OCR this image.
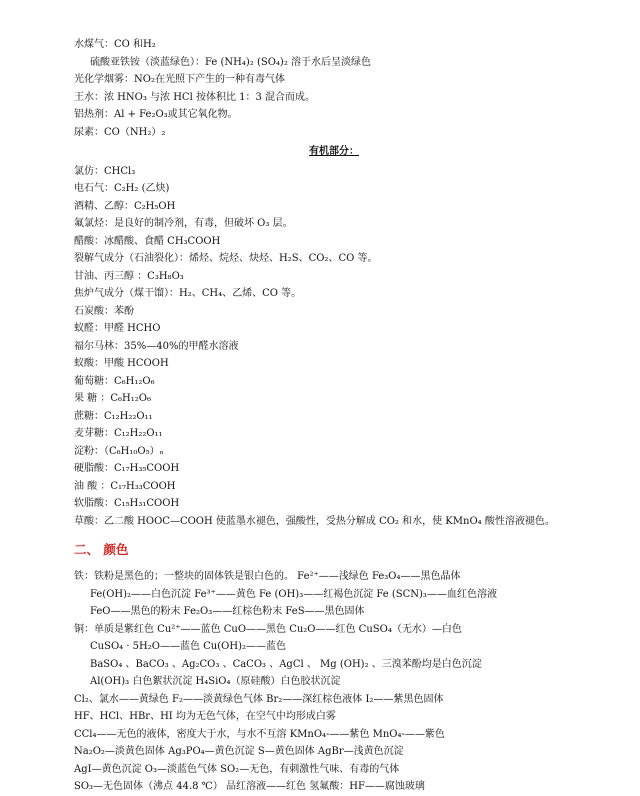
水煤气：CO 和H₂
硫酸亚铁铵（淡蓝绿色）：Fe (NH₄)₂ (SO₄)₂ 溶于水后呈淡绿色
光化学烟雾：NO₂在光照下产生的一种有毒气体
王水：浓 HNO₃ 与浓 HCl 按体积比 1：3 混合而成。
铝热剂：Al + Fe₂O₃或其它氧化物。
尿素：CO（NH₂）₂
有机部分：
氯仿：CHCl₃
电石气：C₂H₂ (乙炔)
酒精、乙醇：C₂H₅OH
氟氯烃：是良好的制冷剂，有毒，但破坏 O₃ 层。
醋酸：冰醋酸、食醋 CH₃COOH
裂解气成分（石油裂化）：烯烃、烷烃、炔烃、H₂S、CO₂、CO 等。
甘油、丙三醇 ：C₃H₈O₃
焦炉气成分（煤干馏）：H₂、CH₄、乙烯、CO 等。
石炭酸：苯酚
蚁醛：甲醛 HCHO
福尔马林：35%—40%的甲醛水溶液
蚁酸：甲酸 HCOOH
葡萄糖：C₆H₁₂O₆
果 糖 ：C₆H₁₂O₆
蔗糖：C₁₂H₂₂O₁₁
麦芽糖：C₁₂H₂₂O₁₁
淀粉：（C₆H₁₀O₅）ₙ
硬脂酸：C₁₇H₃₅COOH
油 酸 ：C₁₇H₃₃COOH
软脂酸：C₁₅H₃₁COOH
草酸：乙二酸 HOOC—COOH 使蓝墨水褪色，强酸性，受热分解成 CO₂ 和水，使 KMnO₄ 酸性溶液褪色。
二、 颜色
铁：铁粉是黑色的；一整块的固体铁是银白色的。 Fe²⁺——浅绿色 Fe₃O₄——黑色晶体
Fe(OH)₂——白色沉淀 Fe³⁺——黄色 Fe (OH)₃——红褐色沉淀 Fe (SCN)₃——血红色溶液
FeO——黑色的粉末 Fe₂O₃——红棕色粉末 FeS——黑色固体
铜：单质是紫红色 Cu²⁺——蓝色 CuO——黑色 Cu₂O——红色 CuSO₄（无水）—白色
CuSO₄ · 5H₂O——蓝色 Cu(OH)₂——蓝色
BaSO₄ 、BaCO₃ 、Ag₂CO₃ 、CaCO₃ 、AgCl 、 Mg (OH)₂ 、三溴苯酚均是白色沉淀
Al(OH)₃ 白色絮状沉淀 H₄SiO₄（原硅酸）白色胶状沉淀
Cl₂、氯水——黄绿色 F₂——淡黄绿色气体 Br₂——深红棕色液体 I₂——紫黑色固体
HF、HCl、HBr、HI 均为无色气体，在空气中均形成白雾
CCl₄——无色的液体，密度大于水，与水不互溶 KMnO₄-——紫色 MnO₄-——紫色
Na₂O₂—淡黄色固体 Ag₃PO₄—黄色沉淀 S—黄色固体 AgBr—浅黄色沉淀
AgI—黄色沉淀 O₃—淡蓝色气体 SO₂—无色，有刺激性气味、有毒的气体
SO₃—无色固体（沸点 44.8 ℃） 品红溶液——红色 氢氟酸：HF——腐蚀玻璃
